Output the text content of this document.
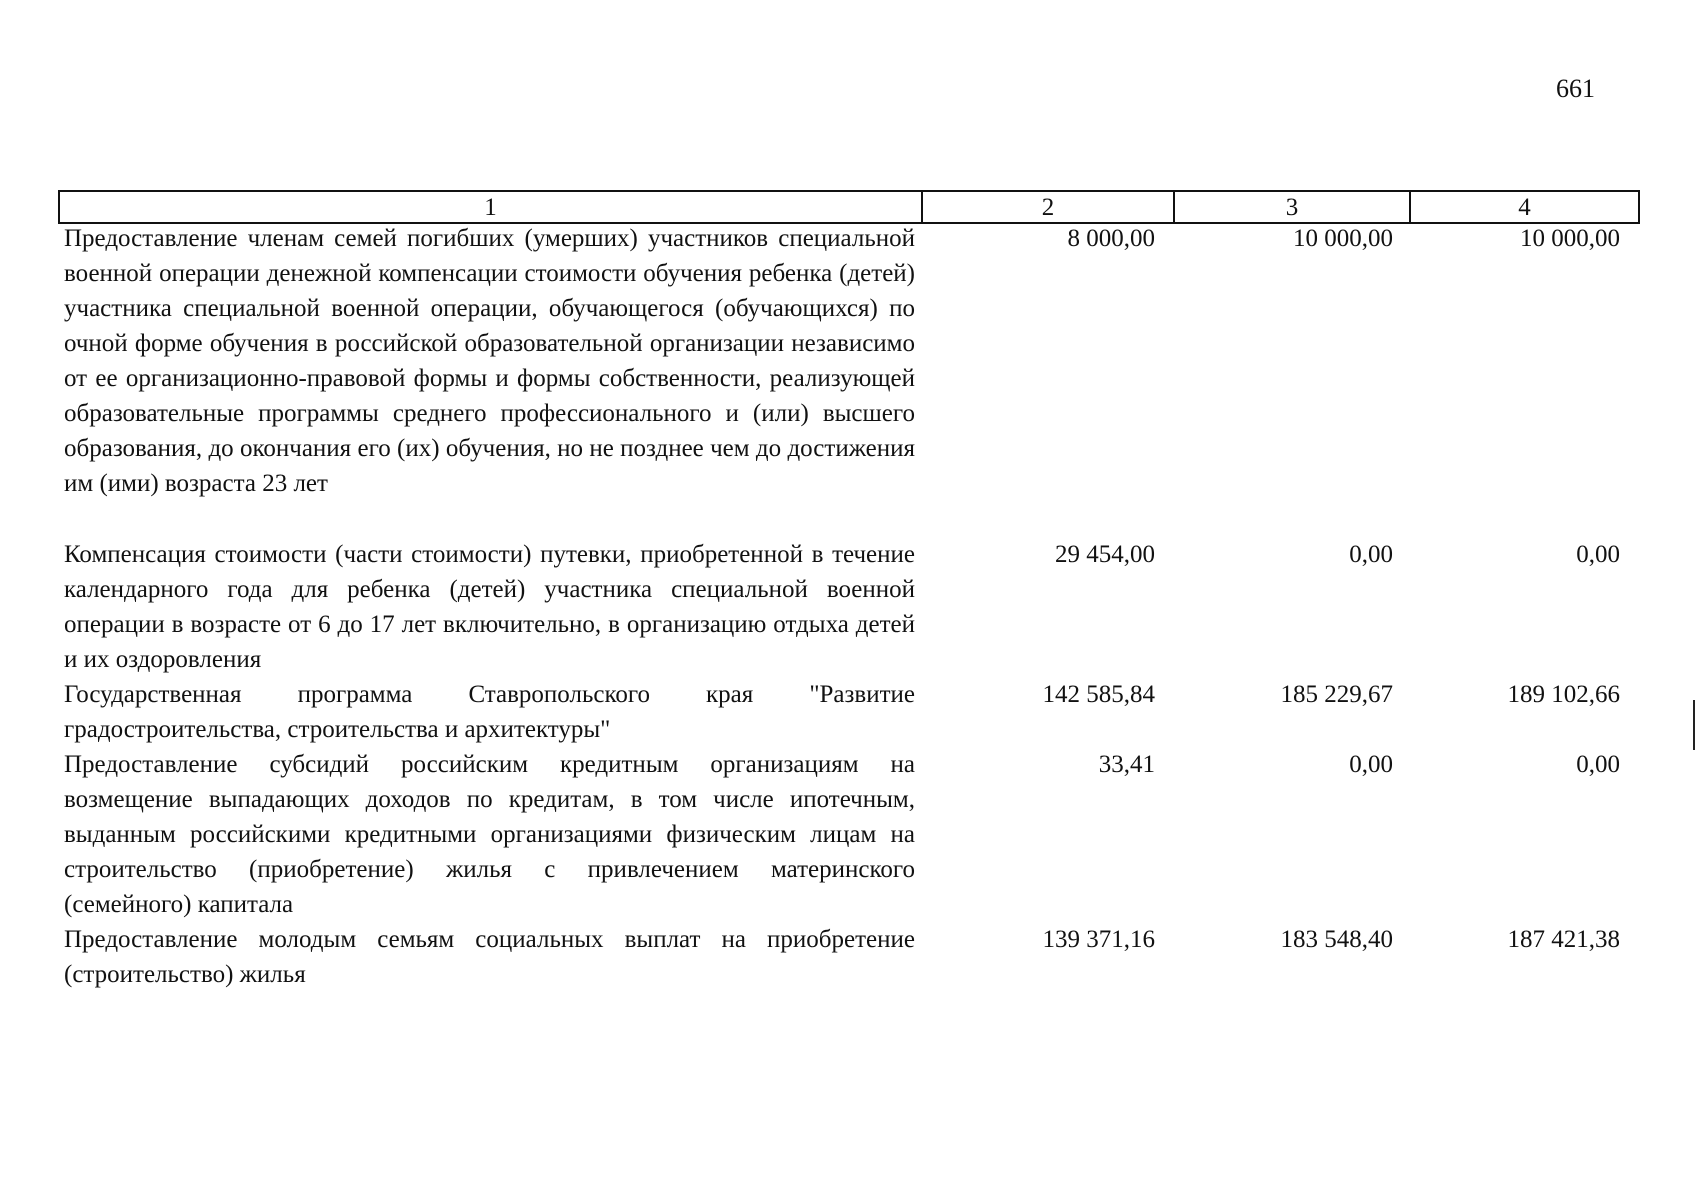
661
1	2	3	4
Предоставление членам семей погибших (умерших) участников специальной военной операции денежной компенсации стоимости обучения ребенка (детей) участника специальной военной операции, обучающегося (обучающихся) по очной форме обучения в российской образовательной организации независимо от ее организационно-правовой формы и формы собственности, реализующей образовательные программы среднего профессионального и (или) высшего образования, до окончания его (их) обучения, но не позднее чем до достижения им (ими) возраста 23 лет
8 000,00	10 000,00	10 000,00
Компенсация стоимости (части стоимости) путевки, приобретенной в течение календарного года для ребенка (детей) участника специальной военной операции в возрасте от 6 до 17 лет включительно, в организацию отдыха детей и их оздоровления
29 454,00	0,00	0,00
Государственная программа Ставропольского края "Развитие градостроительства, строительства и архитектуры"
142 585,84	185 229,67	189 102,66
Предоставление субсидий российским кредитным организациям на возмещение выпадающих доходов по кредитам, в том числе ипотечным, выданным российскими кредитными организациями физическим лицам на строительство (приобретение) жилья с привлечением материнского (семейного) капитала
33,41	0,00	0,00
Предоставление молодым семьям социальных выплат на приобретение (строительство) жилья
139 371,16	183 548,40	187 421,38
